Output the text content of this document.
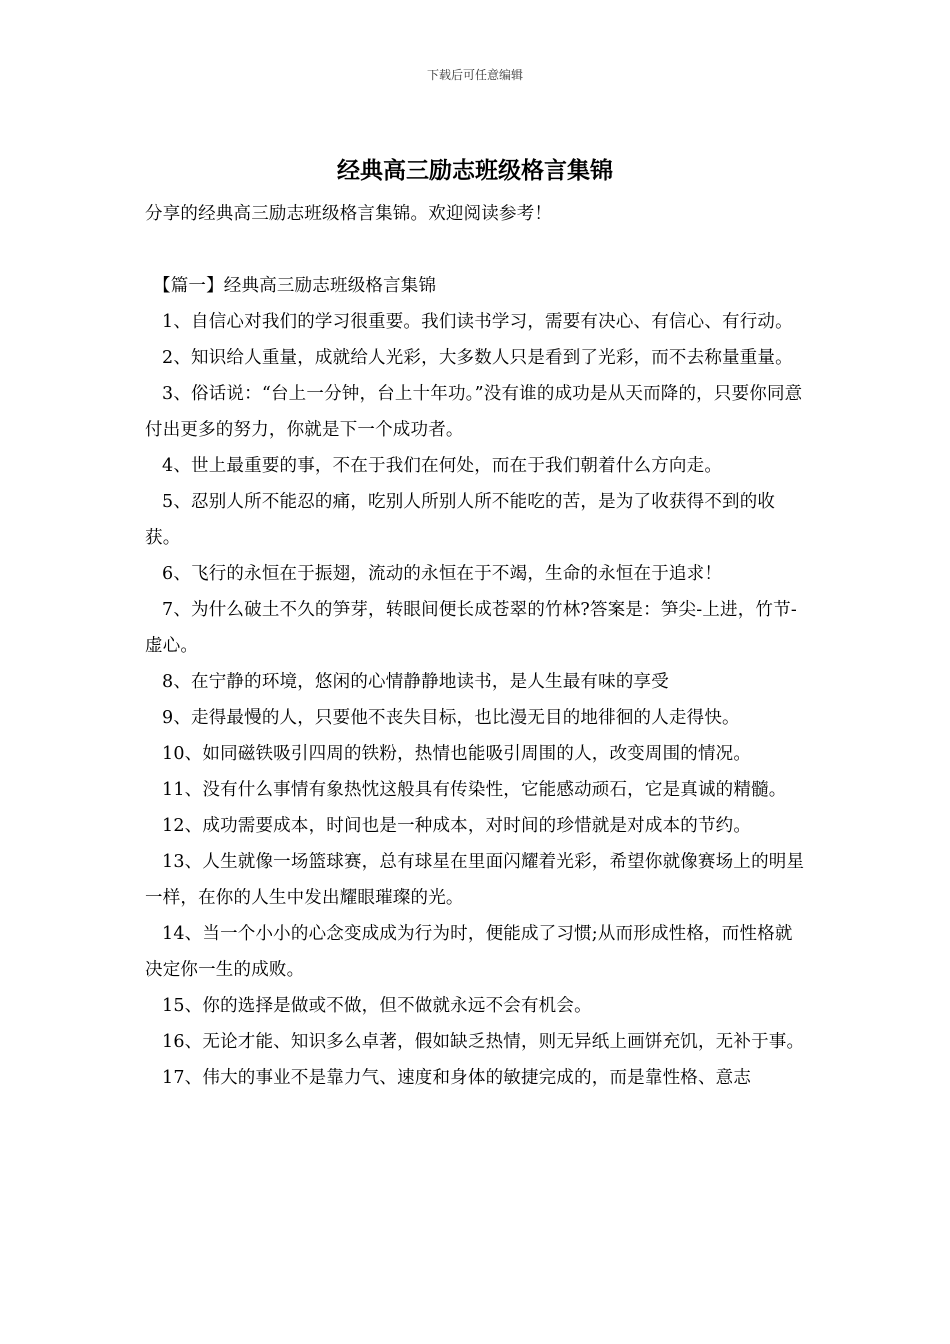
下载后可任意编辑
经典高三励志班级格言集锦

分享的经典高三励志班级格言集锦。欢迎阅读参考！

【篇一】经典高三励志班级格言集锦

1、自信心对我们的学习很重要。我们读书学习，需要有决心、有信心、有行动。

2、知识给人重量，成就给人光彩，大多数人只是看到了光彩，而不去称量重量。

3、俗话说：“台上一分钟，台上十年功。”没有谁的成功是从天而降的，只要你同意付出更多的努力，你就是下一个成功者。

4、世上最重要的事，不在于我们在何处，而在于我们朝着什么方向走。

5、忍别人所不能忍的痛，吃别人所别人所不能吃的苦，是为了收获得不到的收获。

6、飞行的永恒在于振翅，流动的永恒在于不竭，生命的永恒在于追求！

7、为什么破土不久的笋芽，转眼间便长成苍翠的竹林?答案是：笋尖-上进，竹节-虚心。

8、在宁静的环境，悠闲的心情静静地读书，是人生最有味的享受

9、走得最慢的人，只要他不丧失目标，也比漫无目的地徘徊的人走得快。

10、如同磁铁吸引四周的铁粉，热情也能吸引周围的人，改变周围的情况。

11、没有什么事情有象热忱这般具有传染性，它能感动顽石，它是真诚的精髓。

12、成功需要成本，时间也是一种成本，对时间的珍惜就是对成本的节约。

13、人生就像一场篮球赛，总有球星在里面闪耀着光彩，希望你就像赛场上的明星一样，在你的人生中发出耀眼璀璨的光。

14、当一个小小的心念变成成为行为时，便能成了习惯;从而形成性格，而性格就决定你一生的成败。

15、你的选择是做或不做，但不做就永远不会有机会。

16、无论才能、知识多么卓著，假如缺乏热情，则无异纸上画饼充饥，无补于事。

17、伟大的事业不是靠力气、速度和身体的敏捷完成的，而是靠性格、意志
